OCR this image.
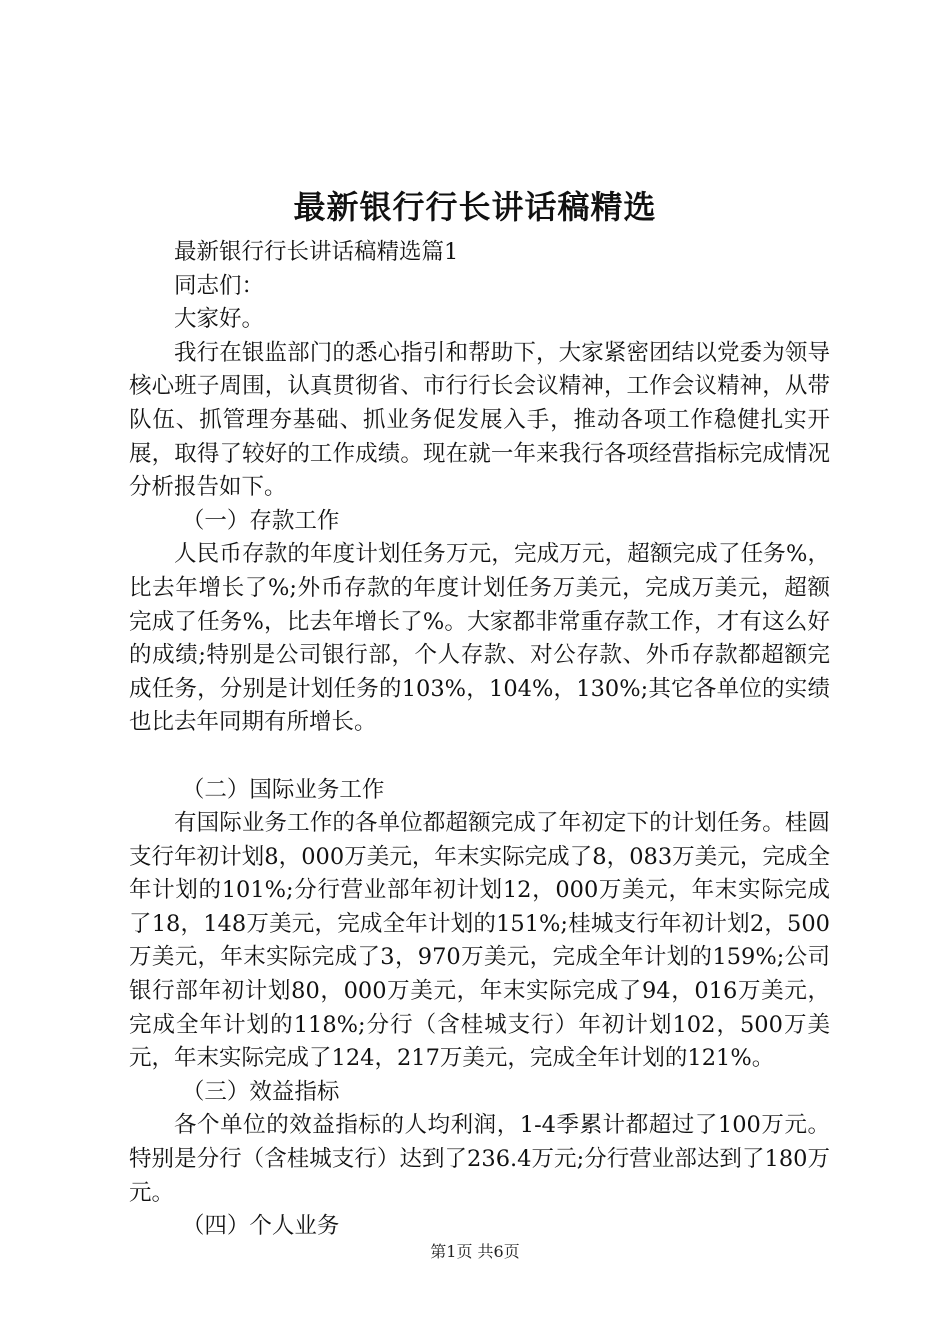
最新银行行长讲话稿精选

最新银行行长讲话稿精选篇1

同志们：

大家好。

我行在银监部门的悉心指引和帮助下，大家紧密团结以党委为领导核心班子周围，认真贯彻省、市行行长会议精神，工作会议精神，从带队伍、抓管理夯基础、抓业务促发展入手，推动各项工作稳健扎实开展，取得了较好的工作成绩。现在就一年来我行各项经营指标完成情况分析报告如下。

（一）存款工作

人民币存款的年度计划任务万元，完成万元，超额完成了任务%，比去年增长了%;外币存款的年度计划任务万美元，完成万美元，超额完成了任务%，比去年增长了%。大家都非常重存款工作，才有这么好的成绩;特别是公司银行部，个人存款、对公存款、外币存款都超额完成任务，分别是计划任务的103%，104%，130%;其它各单位的实绩也比去年同期有所增长。

（二）国际业务工作

有国际业务工作的各单位都超额完成了年初定下的计划任务。桂圆支行年初计划8，000万美元，年末实际完成了8，083万美元，完成全年计划的101%;分行营业部年初计划12，000万美元，年末实际完成了18，148万美元，完成全年计划的151%;桂城支行年初计划2，500万美元，年末实际完成了3，970万美元，完成全年计划的159%;公司银行部年初计划80，000万美元，年末实际完成了94，016万美元，完成全年计划的118%;分行（含桂城支行）年初计划102，500万美元，年末实际完成了124，217万美元，完成全年计划的121%。

（三）效益指标

各个单位的效益指标的人均利润，1-4季累计都超过了100万元。特别是分行（含桂城支行）达到了236.4万元;分行营业部达到了180万元。

（四）个人业务

第1页 共6页
